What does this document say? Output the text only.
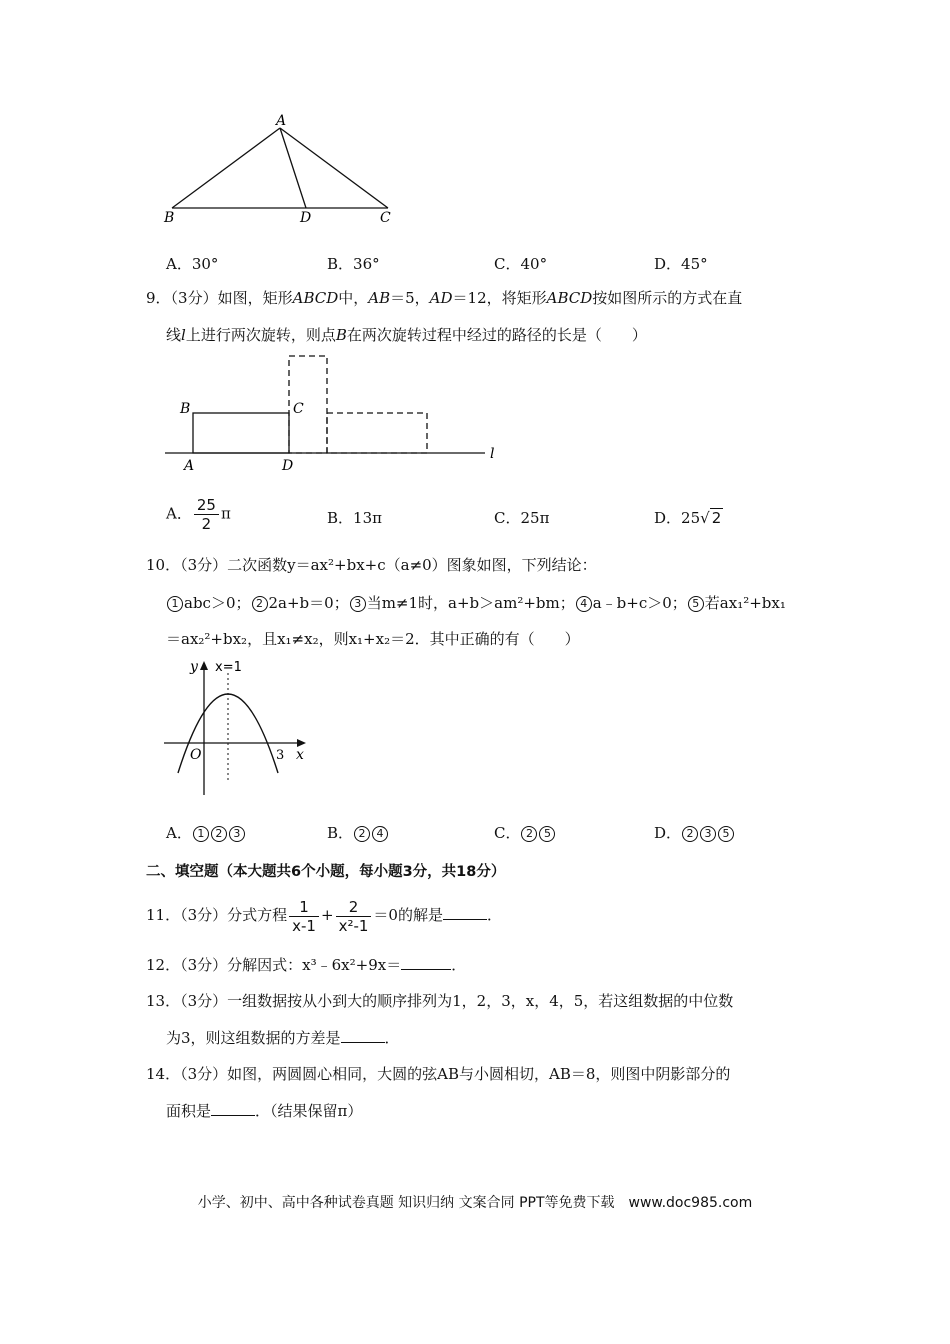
A
B	D	C
A．30°	B．36°	C．40°	D．45°
9．（3分）如图，矩形ABCD中，AB＝5，AD＝12，将矩形ABCD按如图所示的方式在直
线l上进行两次旋转，则点B在两次旋转过程中经过的路径的长是（　　）
B	C
A	D
l
A． $\frac{25}{2}$ π	B．13π	C．25π	D．25√ 2
10．（3分）二次函数y＝ax²+bx+c（a≠0）图象如图，下列结论：
1 abc＞0； 2 2a+b＝0； 3 当m≠1时，a+b＞am²+bm； 4 a﹣b+c＞0； 5 若ax₁²+bx₁
＝ax₂²+bx₂，且x₁≠x₂，则x₁+x₂＝2．其中正确的有（　　）
y x=1
O	3 x
A． 1 2 3	B． 2 4	C． 2 5	D． 2 3 5
二、填空题（本大题共6个小题，每小题3分，共18分）
11．（3分）分式方程 $\frac{1}{x-1} + \frac{2}{\text{x²-1}} =0$的解是	．
12．（3分）分解因式：x³﹣6x²+9x＝	．
13．（3分）一组数据按从小到大的顺序排列为1，2，3，x，4，5，若这组数据的中位数
为3，则这组数据的方差是	．
14．（3分）如图，两圆圆心相同，大圆的弦AB与小圆相切，AB＝8，则图中阴影部分的
面积是	．（结果保留π）
小学、初中、高中各种试卷真题 知识归纳 文案合同 PPT等免费下载　www.doc985.com
